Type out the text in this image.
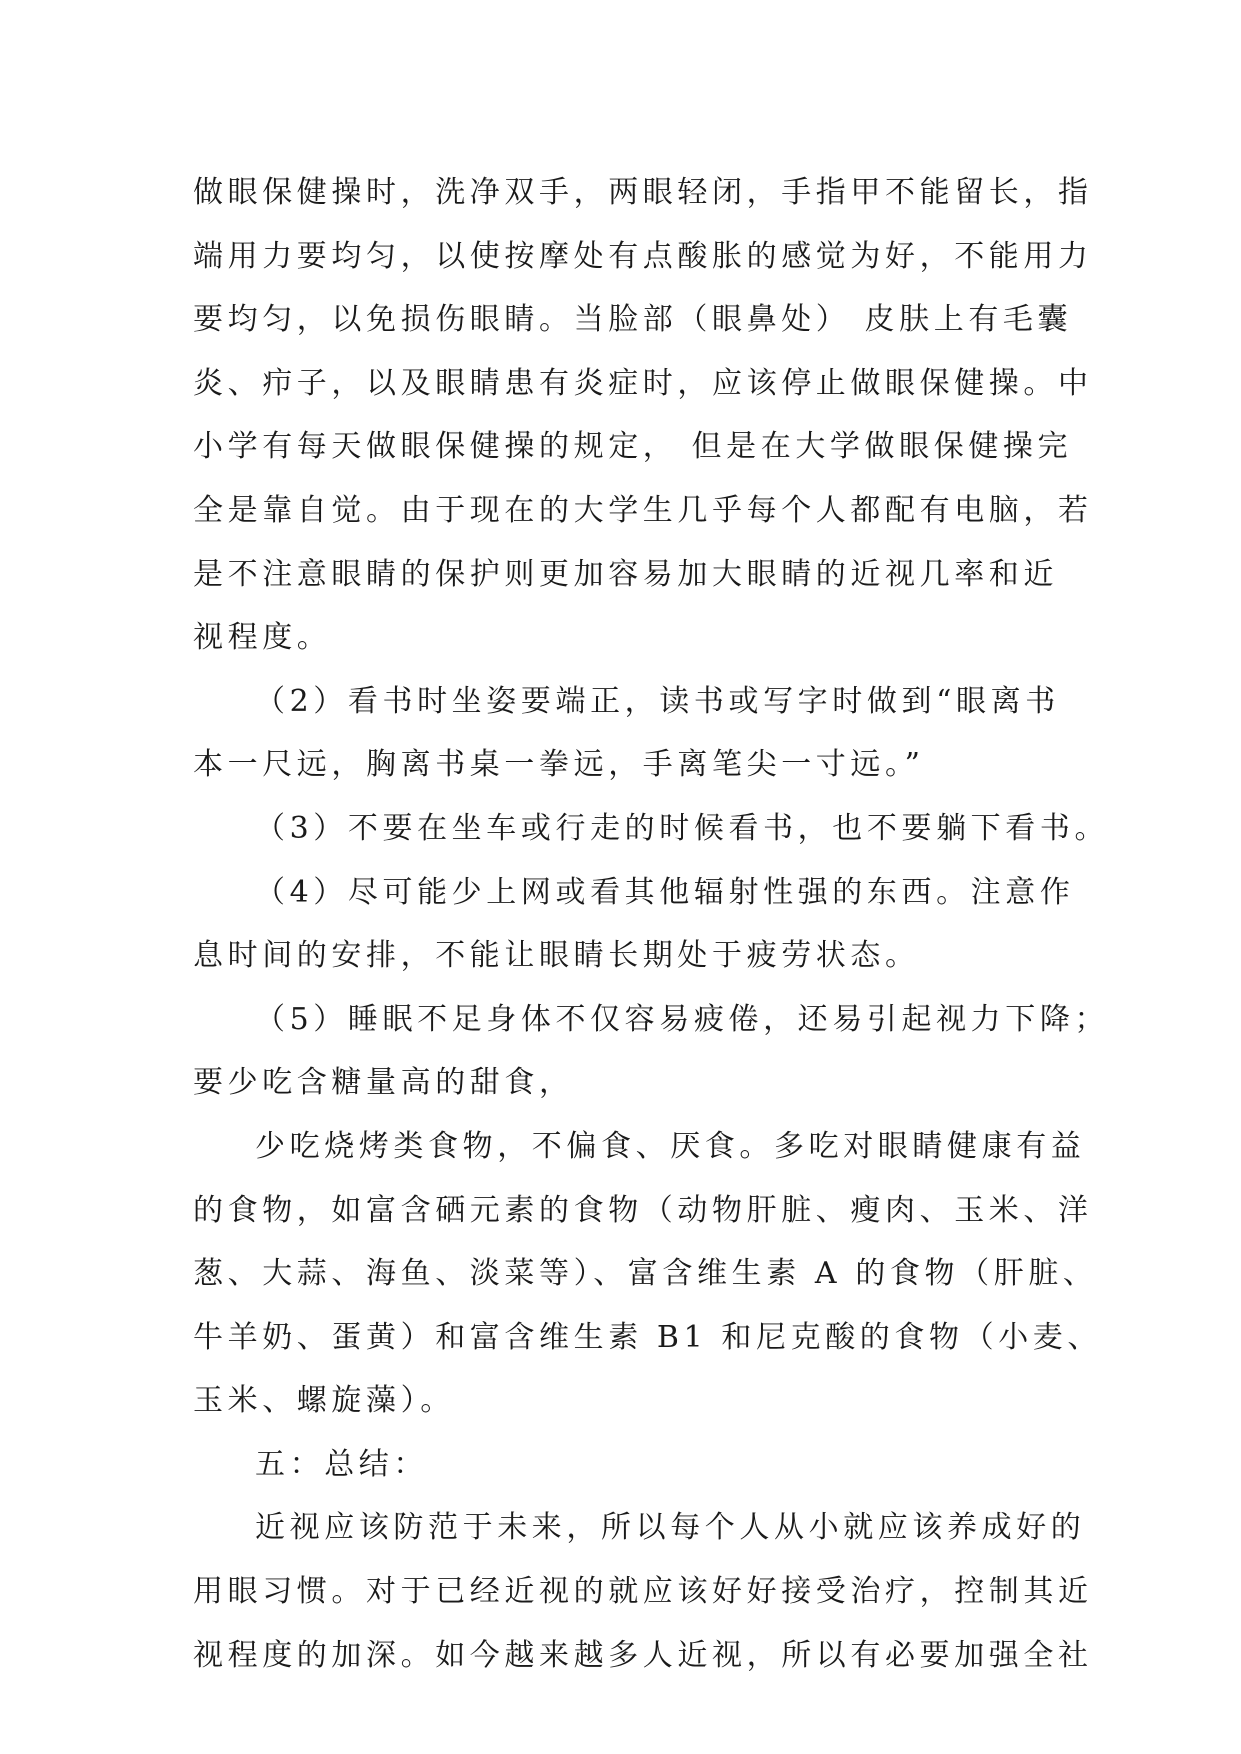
做眼保健操时，洗净双手，两眼轻闭，手指甲不能留长，指
端用力要均匀，以使按摩处有点酸胀的感觉为好，不能用力
要均匀，以免损伤眼睛。当脸部（眼鼻处） 皮肤上有毛囊
炎、疖子，以及眼睛患有炎症时，应该停止做眼保健操。中
小学有每天做眼保健操的规定， 但是在大学做眼保健操完
全是靠自觉。由于现在的大学生几乎每个人都配有电脑，若
是不注意眼睛的保护则更加容易加大眼睛的近视几率和近
视程度。
（2）看书时坐姿要端正，读书或写字时做到“眼离书
本一尺远，胸离书桌一拳远，手离笔尖一寸远。”
（3）不要在坐车或行走的时候看书，也不要躺下看书。
（4）尽可能少上网或看其他辐射性强的东西。注意作
息时间的安排，不能让眼睛长期处于疲劳状态。
（5）睡眠不足身体不仅容易疲倦，还易引起视力下降；
要少吃含糖量高的甜食，
少吃烧烤类食物，不偏食、厌食。多吃对眼睛健康有益
的食物，如富含硒元素的食物（动物肝脏、瘦肉、玉米、洋
葱、大蒜、海鱼、淡菜等）、富含维生素 A 的食物（肝脏、
牛羊奶、蛋黄）和富含维生素 B1 和尼克酸的食物（小麦、
玉米、螺旋藻）。
五：总结：
近视应该防范于未来，所以每个人从小就应该养成好的
用眼习惯。对于已经近视的就应该好好接受治疗，控制其近
视程度的加深。如今越来越多人近视，所以有必要加强全社
